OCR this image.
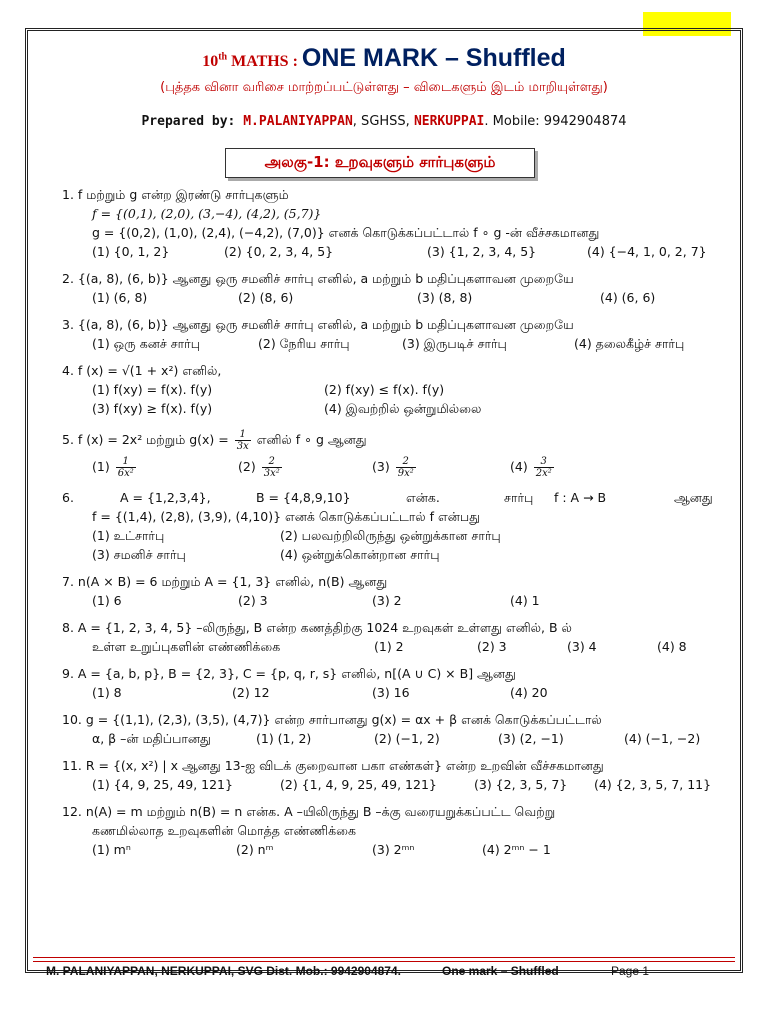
10th MATHS : ONE MARK – Shuffled
(புத்தக வினா வரிசை மாற்றப்பட்டுள்ளது – விடைகளும் இடம் மாறியுள்ளது)
Prepared by: M.PALANIYAPPAN, SGHSS, NERKUPPAI. Mobile: 9942904874
அலகு-1: உறவுகளும் சார்புகளும்
1. f மற்றும் g என்ற இரண்டு சார்புகளும்
f = {(0,1), (2,0), (3,−4), (4,2), (5,7)}
g = {(0,2), (1,0), (2,4), (−4,2), (7,0)} எனக் கொடுக்கப்பட்டால் f ∘ g -ன் வீச்சகமானது
(1) {0, 1, 2}	(2) {0, 2, 3, 4, 5}	(3) {1, 2, 3, 4, 5}	(4) {−4, 1, 0, 2, 7}
2. {(a, 8), (6, b)} ஆனது ஒரு சமனிச் சார்பு எனில், a மற்றும் b மதிப்புகளாவன முறையே
(1) (6, 8)	(2) (8, 6)	(3) (8, 8)	(4) (6, 6)
3. {(a, 8), (6, b)} ஆனது ஒரு சமனிச் சார்பு எனில், a மற்றும் b மதிப்புகளாவன முறையே
(1) ஒரு கனச் சார்பு	(2) நேரிய சார்பு	(3) இருபடிச் சார்பு	(4) தலைகீழ்ச் சார்பு
4. f (x) = √(1 + x²) எனில்,
(1) f(xy) = f(x). f(y)	(2) f(xy) ≤ f(x). f(y)
(3) f(xy) ≥ f(x). f(y)	(4) இவற்றில் ஒன்றுமில்லை
5. f (x) = 2x² மற்றும் $g(x) = \frac{1}{3x}$ எனில் f ∘ g ஆனது
$(1) \frac{1}{\text{6x²}}$	$(2) \frac{2}{\text{3x²}}$	$(3) \frac{2}{\text{9x²}}$	$(4) \frac{3}{\text{2x²}}$
6.	A = {1,2,3,4},	B = {4,8,9,10}	என்க.	சார்பு f : A → B	ஆனது
f = {(1,4), (2,8), (3,9), (4,10)} எனக் கொடுக்கப்பட்டால் f என்பது
(1) உட்சார்பு	(2) பலவற்றிலிருந்து ஒன்றுக்கான சார்பு
(3) சமனிச் சார்பு	(4) ஒன்றுக்கொன்றான சார்பு
7. n(A × B) = 6 மற்றும் A = {1, 3} எனில், n(B) ஆனது
(1) 6	(2) 3	(3) 2	(4) 1
8. A = {1, 2, 3, 4, 5} –லிருந்து, B என்ற கணத்திற்கு 1024 உறவுகள் உள்ளது எனில், B ல்
உள்ள உறுப்புகளின் எண்ணிக்கை	(1) 2	(2) 3	(3) 4	(4) 8
9. A = {a, b, p}, B = {2, 3}, C = {p, q, r, s} எனில், n[(A ∪ C) × B] ஆனது
(1) 8	(2) 12	(3) 16	(4) 20
10. g = {(1,1), (2,3), (3,5), (4,7)} என்ற சார்பானது g(x) = αx + β எனக் கொடுக்கப்பட்டால்
α, β –ன் மதிப்பானது	(1) (1, 2)	(2) (−1, 2)	(3) (2, −1)	(4) (−1, −2)
11. R = {(x, x²) | x ஆனது 13-ஐ விடக் குறைவான பகா எண்கள்} என்ற உறவின் வீச்சகமானது
(1) {4, 9, 25, 49, 121}	(2) {1, 4, 9, 25, 49, 121}	(3) {2, 3, 5, 7} (4) {2, 3, 5, 7, 11}
12. n(A) = m மற்றும் n(B) = n என்க. A –யிலிருந்து B –க்கு வரையறுக்கப்பட்ட வெற்று
கணமில்லாத உறவுகளின் மொத்த எண்ணிக்கை
(1) mⁿ	(2) nᵐ	(3) 2ᵐⁿ	(4) 2ᵐⁿ − 1
M. PALANIYAPPAN, NERKUPPAI, SVG Dist. Mob.: 9942904874.	One mark – Shuffled	Page 1
